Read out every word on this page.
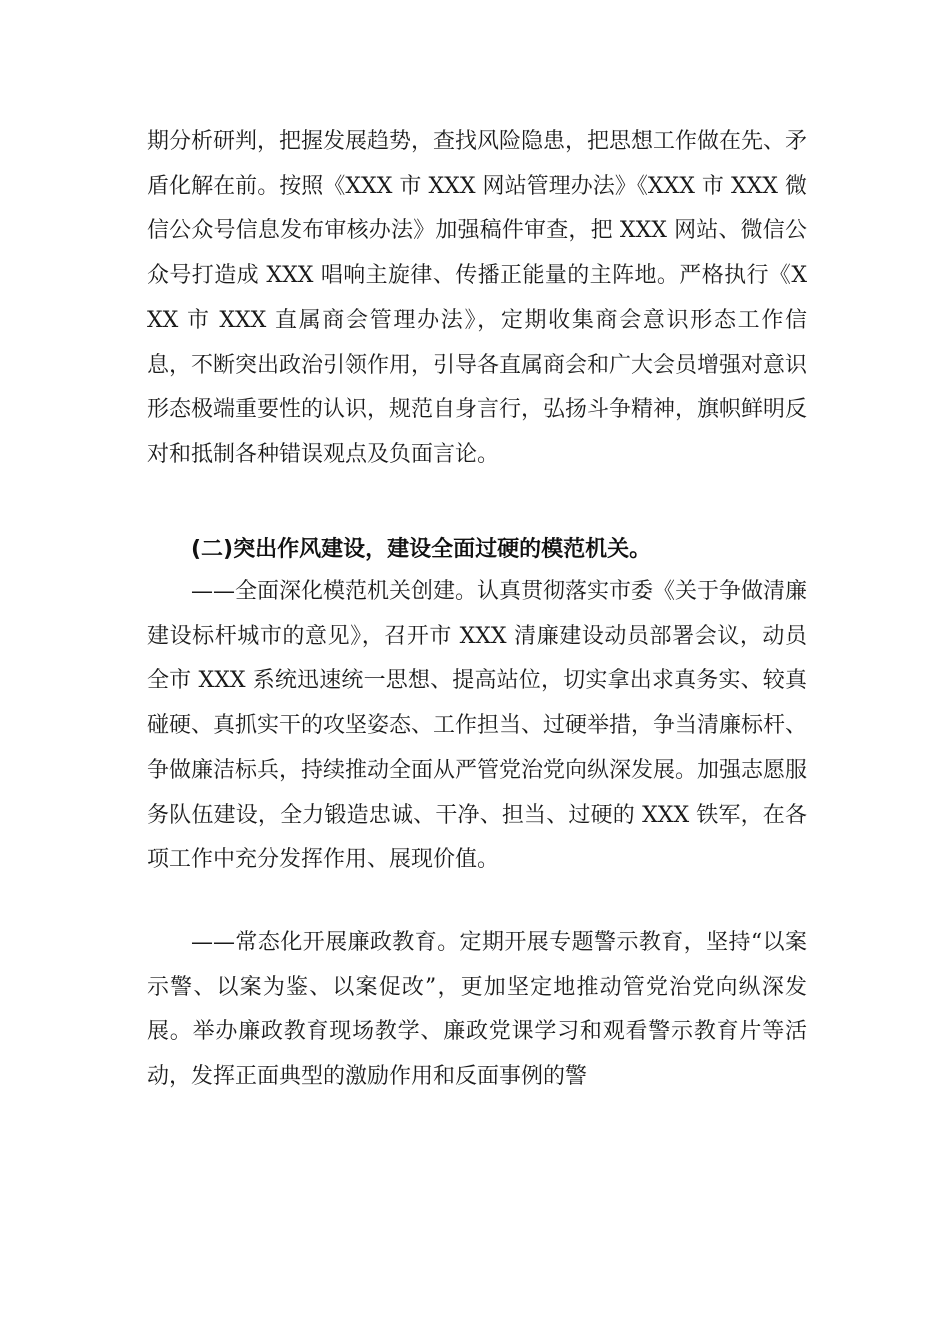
期分析研判，把握发展趋势，查找风险隐患，把思想工作做在先、矛盾化解在前。按照《XXX 市 XXX 网站管理办法》《XXX 市 XXX 微信公众号信息发布审核办法》加强稿件审查，把 XXX 网站、微信公众号打造成 XXX 唱响主旋律、传播正能量的主阵地。严格执行《XXX 市 XXX 直属商会管理办法》，定期收集商会意识形态工作信息，不断突出政治引领作用，引导各直属商会和广大会员增强对意识形态极端重要性的认识，规范自身言行，弘扬斗争精神，旗帜鲜明反对和抵制各种错误观点及负面言论。

(二)突出作风建设，建设全面过硬的模范机关。

——全面深化模范机关创建。认真贯彻落实市委《关于争做清廉建设标杆城市的意见》，召开市 XXX 清廉建设动员部署会议，动员全市 XXX 系统迅速统一思想、提高站位，切实拿出求真务实、较真碰硬、真抓实干的攻坚姿态、工作担当、过硬举措，争当清廉标杆、争做廉洁标兵，持续推动全面从严管党治党向纵深发展。加强志愿服务队伍建设，全力锻造忠诚、干净、担当、过硬的 XXX 铁军，在各项工作中充分发挥作用、展现价值。

——常态化开展廉政教育。定期开展专题警示教育，坚持“以案示警、以案为鉴、以案促改”，更加坚定地推动管党治党向纵深发展。举办廉政教育现场教学、廉政党课学习和观看警示教育片等活动，发挥正面典型的激励作用和反面事例的警
